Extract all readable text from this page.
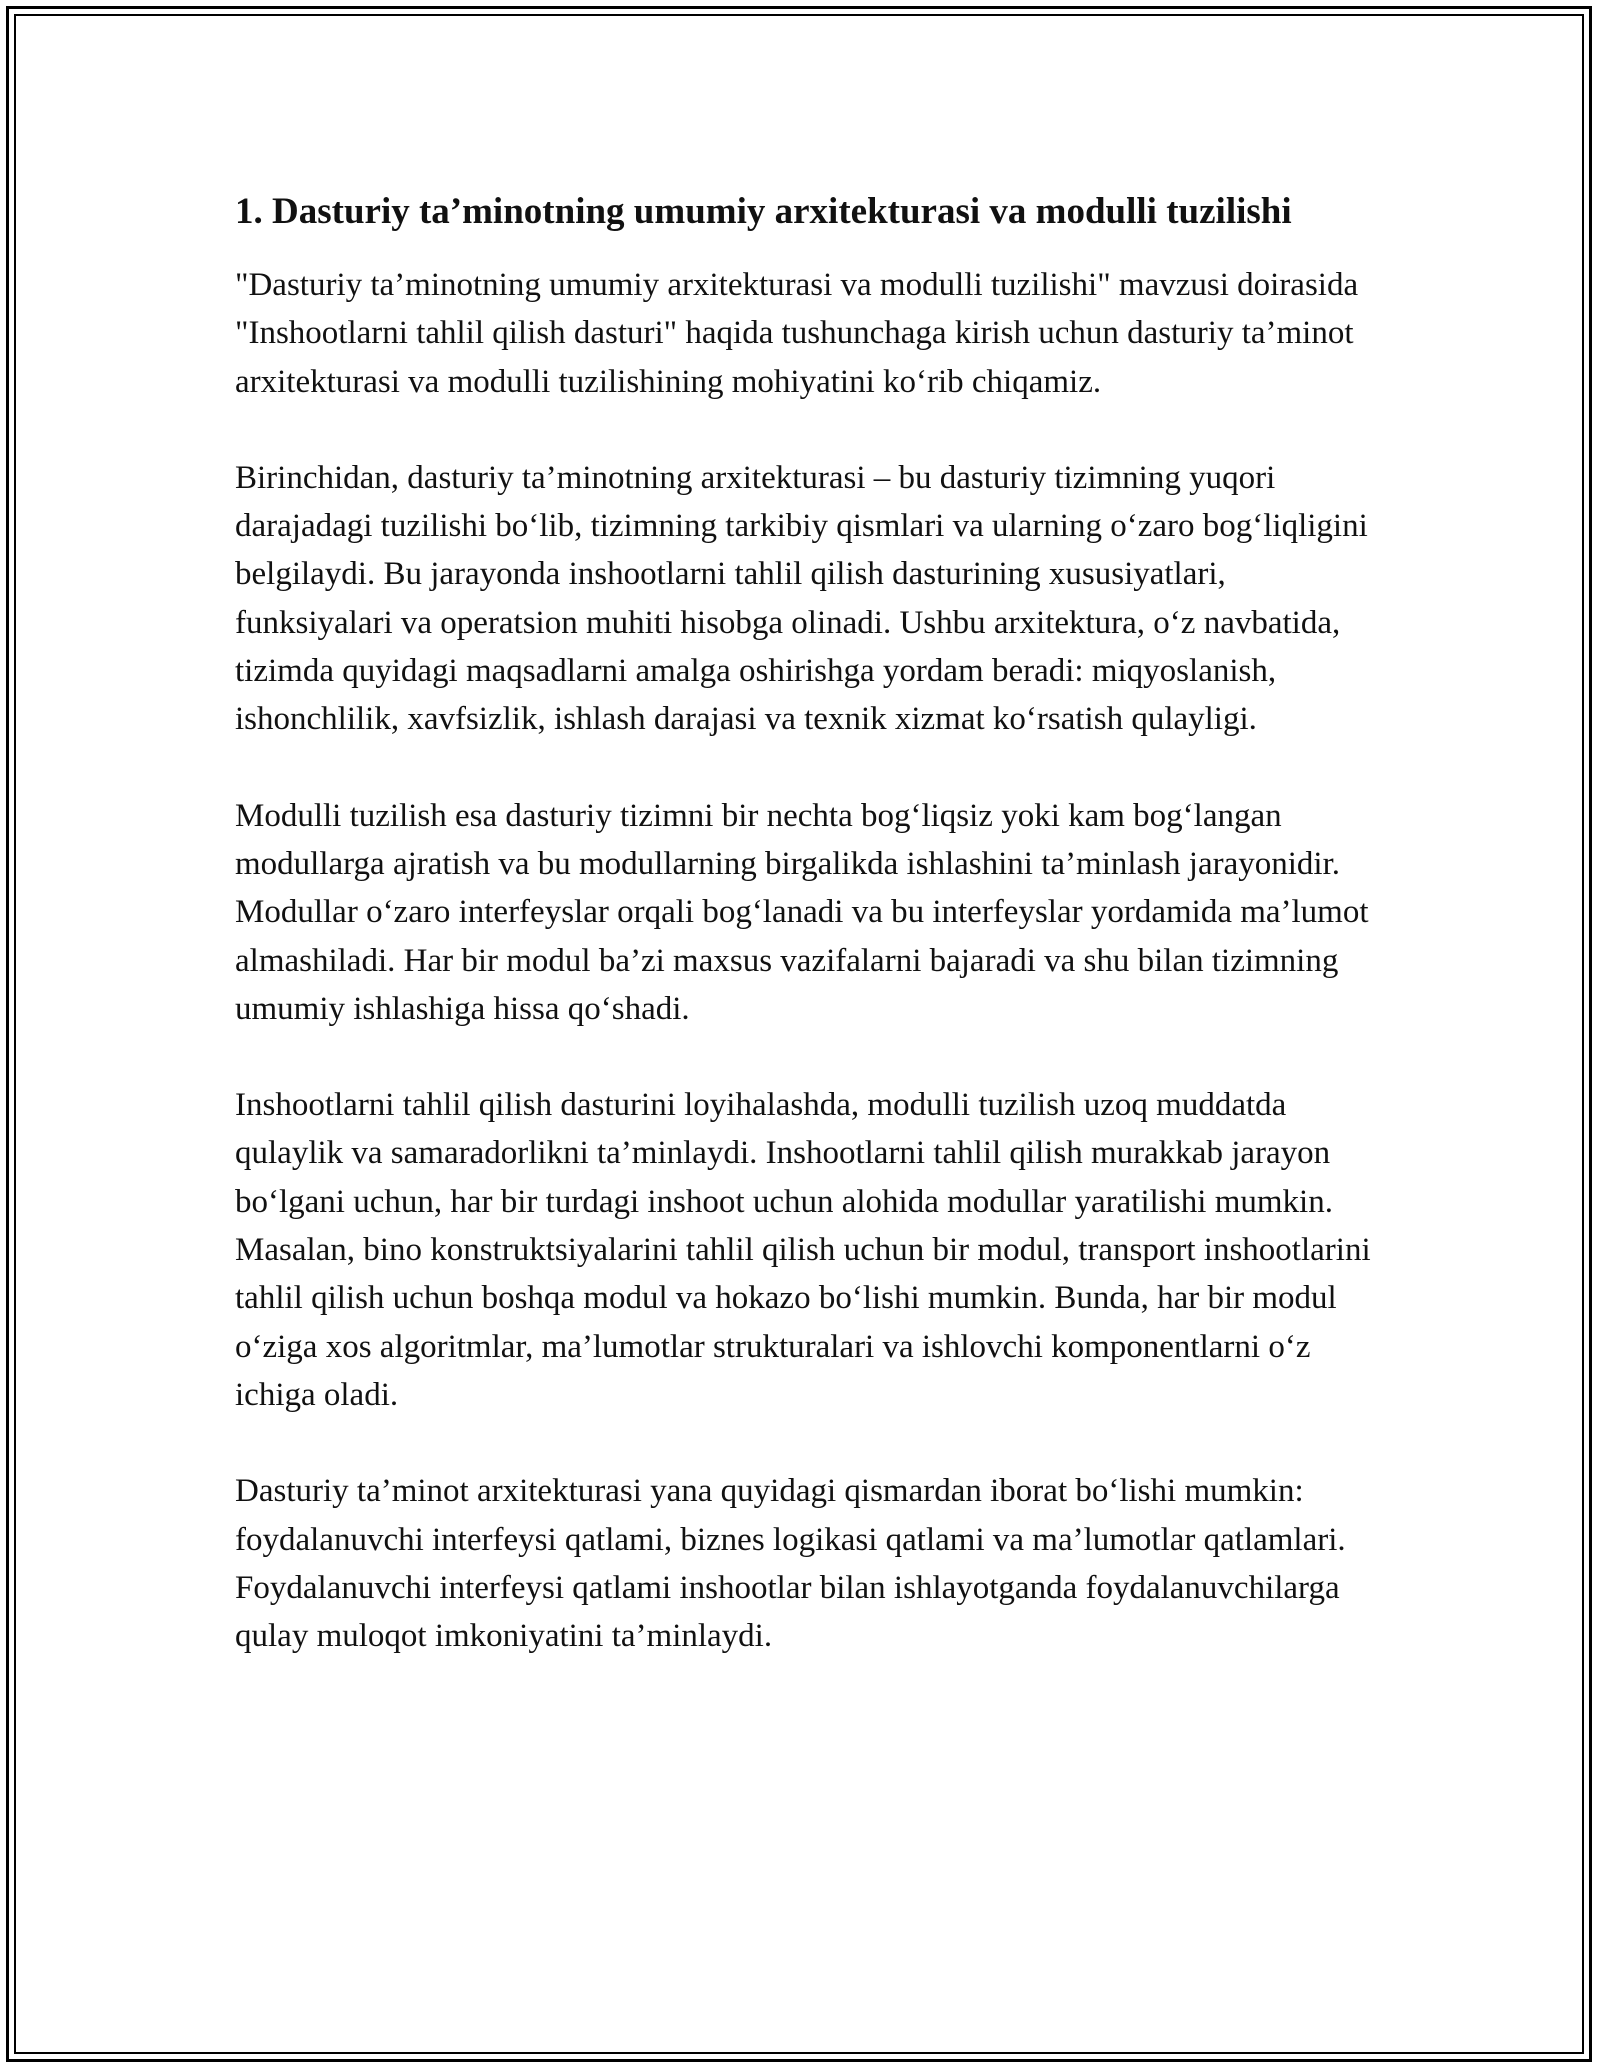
1. Dasturiy ta’minotning umumiy arxitekturasi va modulli tuzilishi

"Dasturiy ta’minotning umumiy arxitekturasi va modulli tuzilishi" mavzusi doirasida "Inshootlarni tahlil qilish dasturi" haqida tushunchaga kirish uchun dasturiy ta’minot arxitekturasi va modulli tuzilishining mohiyatini ko‘rib chiqamiz.

Birinchidan, dasturiy ta’minotning arxitekturasi – bu dasturiy tizimning yuqori darajadagi tuzilishi bo‘lib, tizimning tarkibiy qismlari va ularning o‘zaro bog‘liqligini belgilaydi. Bu jarayonda inshootlarni tahlil qilish dasturining xususiyatlari, funksiyalari va operatsion muhiti hisobga olinadi. Ushbu arxitektura, o‘z navbatida, tizimda quyidagi maqsadlarni amalga oshirishga yordam beradi: miqyoslanish, ishonchlilik, xavfsizlik, ishlash darajasi va texnik xizmat ko‘rsatish qulayligi.

Modulli tuzilish esa dasturiy tizimni bir nechta bog‘liqsiz yoki kam bog‘langan modullarga ajratish va bu modullarning birgalikda ishlashini ta’minlash jarayonidir. Modullar o‘zaro interfeyslar orqali bog‘lanadi va bu interfeyslar yordamida ma’lumot almashiladi. Har bir modul ba’zi maxsus vazifalarni bajaradi va shu bilan tizimning umumiy ishlashiga hissa qo‘shadi.

Inshootlarni tahlil qilish dasturini loyihalashda, modulli tuzilish uzoq muddatda qulaylik va samaradorlikni ta’minlaydi. Inshootlarni tahlil qilish murakkab jarayon bo‘lgani uchun, har bir turdagi inshoot uchun alohida modullar yaratilishi mumkin. Masalan, bino konstruktsiyalarini tahlil qilish uchun bir modul, transport inshootlarini tahlil qilish uchun boshqa modul va hokazo bo‘lishi mumkin. Bunda, har bir modul o‘ziga xos algoritmlar, ma’lumotlar strukturalari va ishlovchi komponentlarni o‘z ichiga oladi.

Dasturiy ta’minot arxitekturasi yana quyidagi qismardan iborat bo‘lishi mumkin: foydalanuvchi interfeysi qatlami, biznes logikasi qatlami va ma’lumotlar qatlamlari. Foydalanuvchi interfeysi qatlami inshootlar bilan ishlayotganda foydalanuvchilarga qulay muloqot imkoniyatini ta’minlaydi.
